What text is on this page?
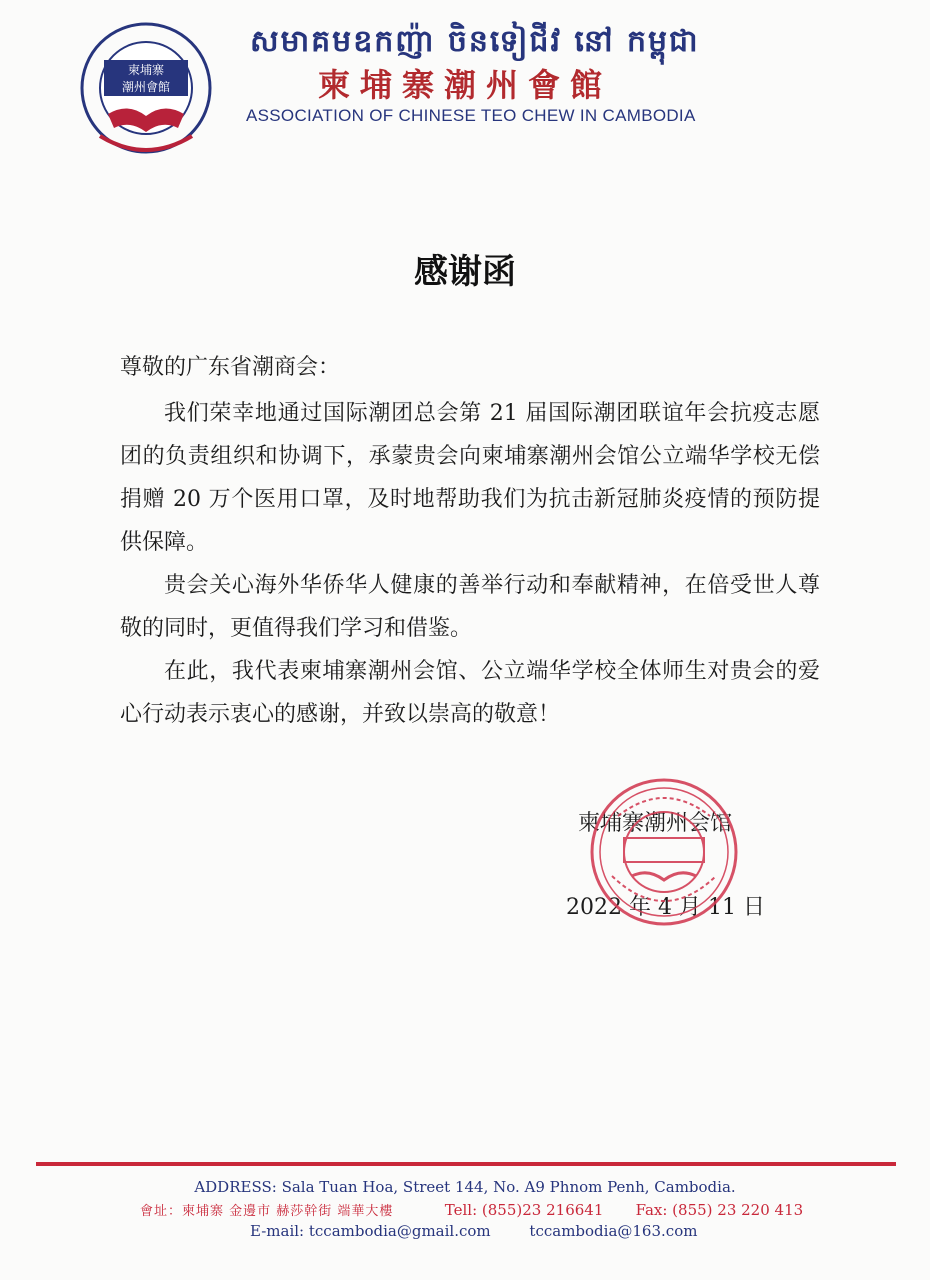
柬埔寨
潮州會館
សមាគមឧកញ៉ា ចិនទៀជីវ នៅ កម្ពុជា
柬埔寨潮州會館
ASSOCIATION OF CHINESE TEO CHEW IN CAMBODIA
感谢函
尊敬的广东省潮商会：

我们荣幸地通过国际潮团总会第 21 届国际潮团联谊年会抗疫志愿团的负责组织和协调下，承蒙贵会向柬埔寨潮州会馆公立端华学校无偿捐赠 20 万个医用口罩，及时地帮助我们为抗击新冠肺炎疫情的预防提供保障。

贵会关心海外华侨华人健康的善举行动和奉献精神，在倍受世人尊敬的同时，更值得我们学习和借鉴。

在此，我代表柬埔寨潮州会馆、公立端华学校全体师生对贵会的爱心行动表示衷心的感谢，并致以崇高的敬意！

柬埔寨潮州会馆
2022 年 4 月 11 日
ADDRESS: Sala Tuan Hoa, Street 144, No. A9 Phnom Penh, Cambodia.
會址：柬埔寨 金邊市 赫莎幹街 端華大樓	Tell: (855)23 216641 Fax: (855) 23 220 413
E-mail: tccambodia@gmail.com	tccambodia@163.com
